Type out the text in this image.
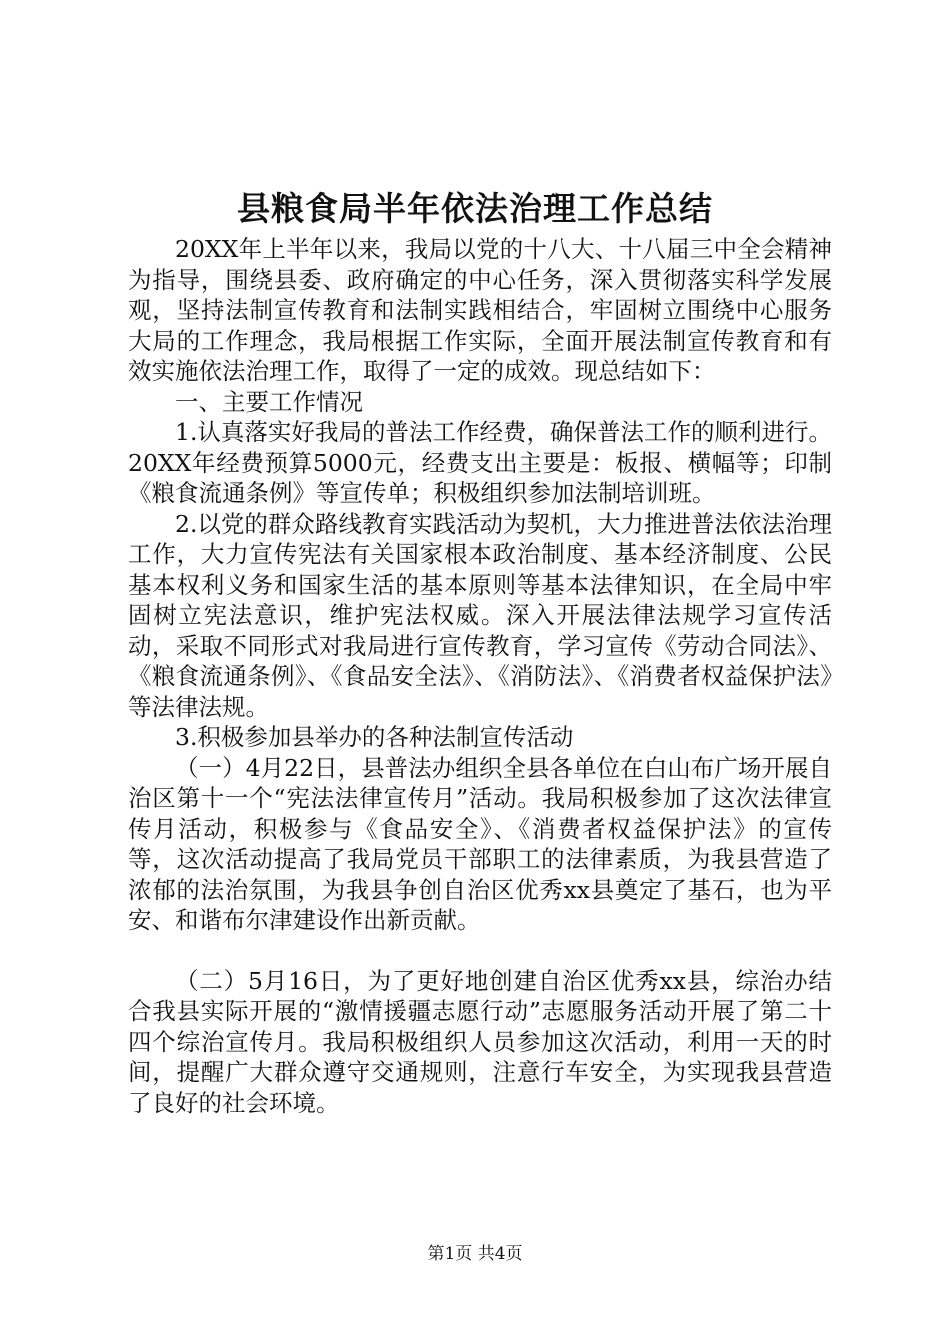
县粮食局半年依法治理工作总结

20XX年上半年以来，我局以党的十八大、十八届三中全会精神为指导，围绕县委、政府确定的中心任务，深入贯彻落实科学发展观，坚持法制宣传教育和法制实践相结合，牢固树立围绕中心服务大局的工作理念，我局根据工作实际，全面开展法制宣传教育和有效实施依法治理工作，取得了一定的成效。现总结如下：

一、主要工作情况

1.认真落实好我局的普法工作经费，确保普法工作的顺利进行。20XX年经费预算5000元，经费支出主要是：板报、横幅等；印制《粮食流通条例》等宣传单；积极组织参加法制培训班。

2.以党的群众路线教育实践活动为契机，大力推进普法依法治理工作，大力宣传宪法有关国家根本政治制度、基本经济制度、公民基本权利义务和国家生活的基本原则等基本法律知识，在全局中牢固树立宪法意识，维护宪法权威。深入开展法律法规学习宣传活动，采取不同形式对我局进行宣传教育，学习宣传《劳动合同法》、《粮食流通条例》、《食品安全法》、《消防法》、《消费者权益保护法》等法律法规。

3.积极参加县举办的各种法制宣传活动

（一）4月22日，县普法办组织全县各单位在白山布广场开展自治区第十一个“宪法法律宣传月”活动。我局积极参加了这次法律宣传月活动，积极参与《食品安全》、《消费者权益保护法》的宣传等，这次活动提高了我局党员干部职工的法律素质，为我县营造了浓郁的法治氛围，为我县争创自治区优秀xx县奠定了基石，也为平安、和谐布尔津建设作出新贡献。

（二）5月16日，为了更好地创建自治区优秀xx县，综治办结合我县实际开展的“激情援疆志愿行动”志愿服务活动开展了第二十四个综治宣传月。我局积极组织人员参加这次活动，利用一天的时间，提醒广大群众遵守交通规则，注意行车安全，为实现我县营造了良好的社会环境。

第1页 共4页
